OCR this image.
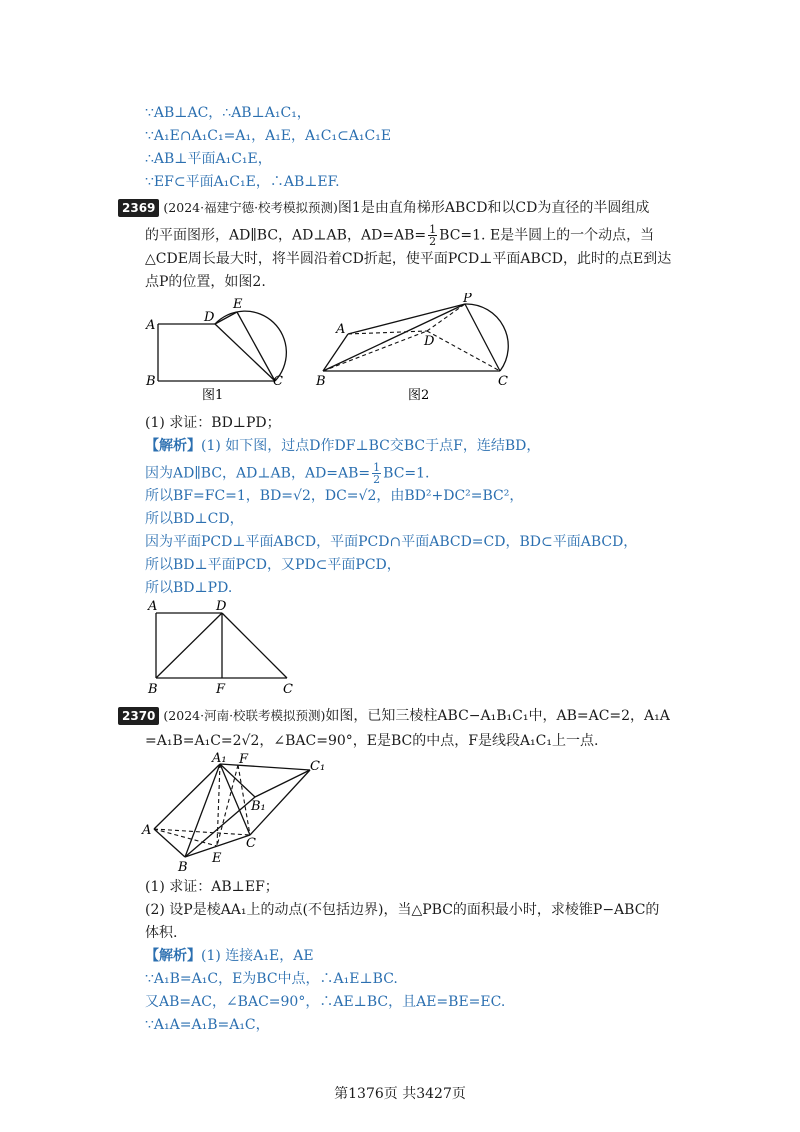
∵AB⊥AC，∴AB⊥A₁C₁，
∵A₁E∩A₁C₁=A₁，A₁E，A₁C₁⊂A₁C₁E
∴AB⊥平面A₁C₁E，
∵EF⊂平面A₁C₁E，∴AB⊥EF.
2369 (2024·福建宁德·校考模拟预测)图1是由直角梯形ABCD和以CD为直径的半圆组成
的平面图形，AD∥BC，AD⊥AB，$AD=AB= \frac{1}{2} BC=1$. E是半圆上的一个动点，当
△CDE周长最大时，将半圆沿着CD折起，使平面PCD⊥平面ABCD，此时的点E到达
点P的位置，如图2.
A
B	C
D
E
图1
A
B	C
D
P
图2
(1) 求证：BD⊥PD；
【解析】(1) 如下图，过点D作DF⊥BC交BC于点F，连结BD，
因为AD∥BC，AD⊥AB，$AD=AB= \frac{1}{2} BC=1$.
所以BF=FC=1，BD=√2，DC=√2，由BD²+DC²=BC²，
所以BD⊥CD，
因为平面PCD⊥平面ABCD，平面PCD∩平面ABCD=CD，BD⊂平面ABCD，
所以BD⊥平面PCD，又PD⊂平面PCD，
所以BD⊥PD.
A	D
B	F	C
2370 (2024·河南·校联考模拟预测)如图，已知三棱柱ABC−A₁B₁C₁中，AB=AC=2，A₁A
=A₁B=A₁C=2√2，∠BAC=90°，E是BC的中点，F是线段A₁C₁上一点.
A
B
C
E
F
A₁
B₁
C₁
(1) 求证：AB⊥EF；
(2) 设P是棱AA₁上的动点(不包括边界)，当△PBC的面积最小时，求棱锥P−ABC的
体积.
【解析】(1) 连接A₁E，AE
∵A₁B=A₁C，E为BC中点，∴A₁E⊥BC.
又AB=AC，∠BAC=90°，∴AE⊥BC，且AE=BE=EC.
∵A₁A=A₁B=A₁C，
第1376页 共3427页
